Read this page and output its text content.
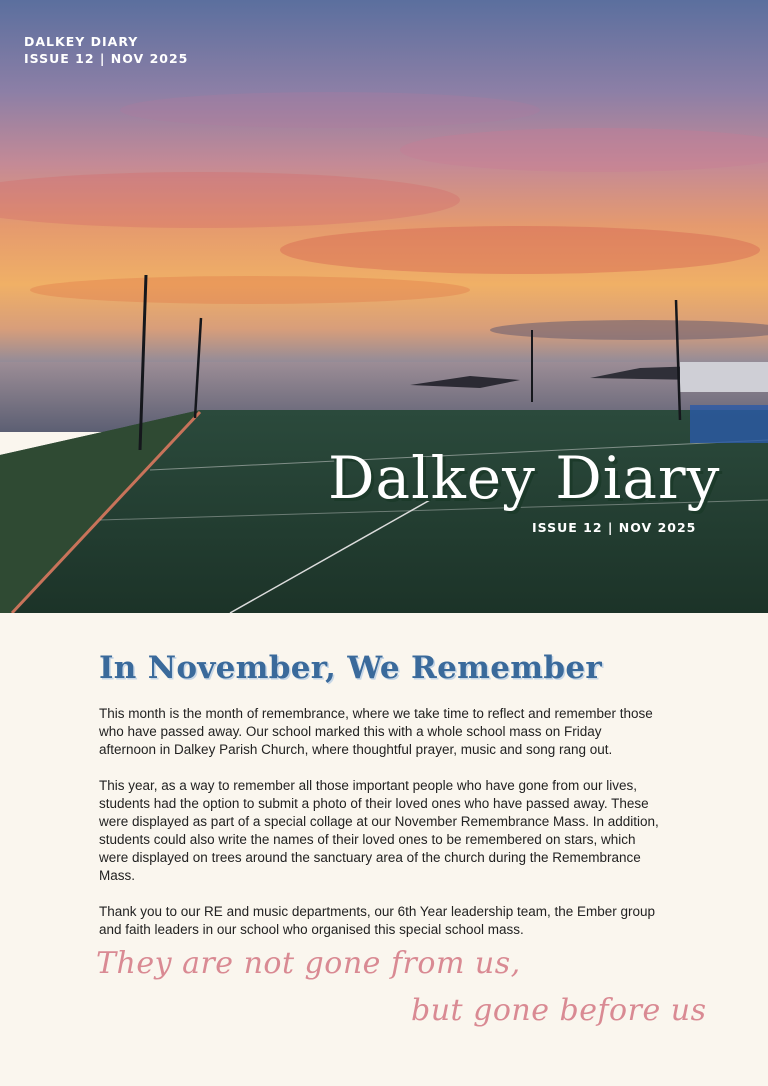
DALKEY DIARY
ISSUE 12 | NOV 2025
Dalkey Diary
ISSUE 12 | NOV 2025
In November, We Remember

This month is the month of remembrance, where we take time to reflect and remember those who have passed away. Our school marked this with a whole school mass on Friday afternoon in Dalkey Parish Church, where thoughtful prayer, music and song rang out.

This year, as a way to remember all those important people who have gone from our lives, students had the option to submit a photo of their loved ones who have passed away. These were displayed as part of a special collage at our November Remembrance Mass. In addition, students could also write the names of their loved ones to be remembered on stars, which were displayed on trees around the sanctuary area of the church during the Remembrance Mass.

Thank you to our RE and music departments, our 6th Year leadership team, the Ember group and faith leaders in our school who organised this special school mass.

They are not gone from us,
but gone before us
